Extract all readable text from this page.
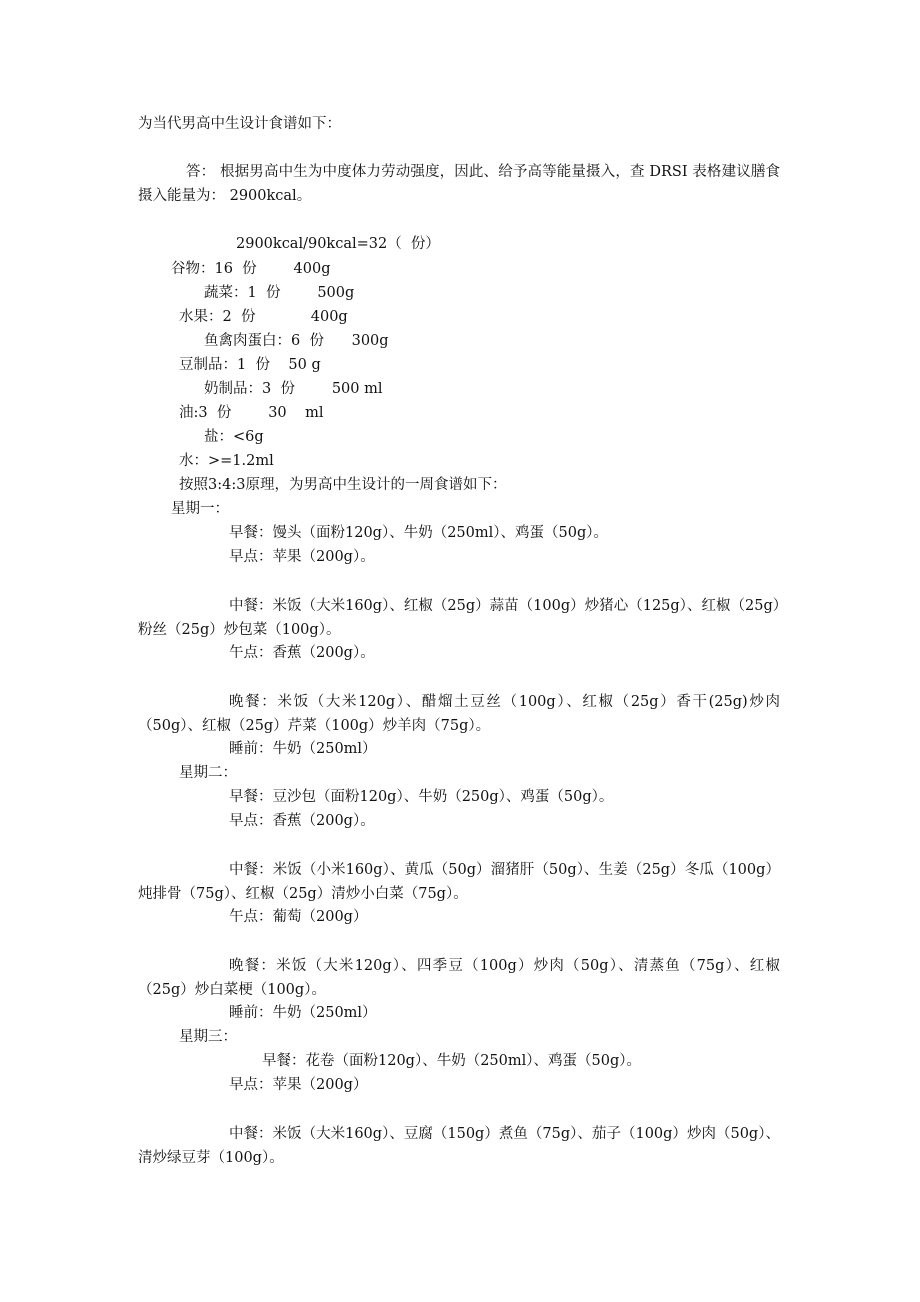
为当代男高中生设计食谱如下：
答： 根据男高中生为中度体力劳动强度，因此、给予高等能量摄入，查 DRSI 表格建议膳食摄入能量为： 2900kcal。
2900kcal/90kcal=32（  份）
谷物：16  份        400g
蔬菜：1  份        500g
水果：2  份            400g
鱼禽肉蛋白：6  份      300g
豆制品：1  份    50 g
奶制品：3  份        500 ml
油:3  份        30    ml
盐：<6g
水：>=1.2ml
按照3:4:3原理，为男高中生设计的一周食谱如下：
星期一：
早餐：馒头（面粉120g）、牛奶（250ml）、鸡蛋（50g）。
早点：苹果（200g）。
中餐：米饭（大米160g）、红椒（25g）蒜苗（100g）炒猪心（125g）、红椒（25g）粉丝（25g）炒包菜（100g）。
午点：香蕉（200g）。
晚餐：米饭（大米120g）、醋熘土豆丝（100g）、红椒（25g）香干(25g)炒肉（50g）、红椒（25g）芹菜（100g）炒羊肉（75g）。
睡前：牛奶（250ml）
星期二：
早餐：豆沙包（面粉120g）、牛奶（250g）、鸡蛋（50g）。
早点：香蕉（200g）。
中餐：米饭（小米160g）、黄瓜（50g）溜猪肝（50g）、生姜（25g）冬瓜（100g）炖排骨（75g）、红椒（25g）清炒小白菜（75g）。
午点：葡萄（200g）
晚餐：米饭（大米120g）、四季豆（100g）炒肉（50g）、清蒸鱼（75g）、红椒（25g）炒白菜梗（100g）。
睡前：牛奶（250ml）
星期三：
早餐：花卷（面粉120g）、牛奶（250ml）、鸡蛋（50g）。
早点：苹果（200g）
中餐：米饭（大米160g）、豆腐（150g）煮鱼（75g）、茄子（100g）炒肉（50g）、清炒绿豆芽（100g）。
